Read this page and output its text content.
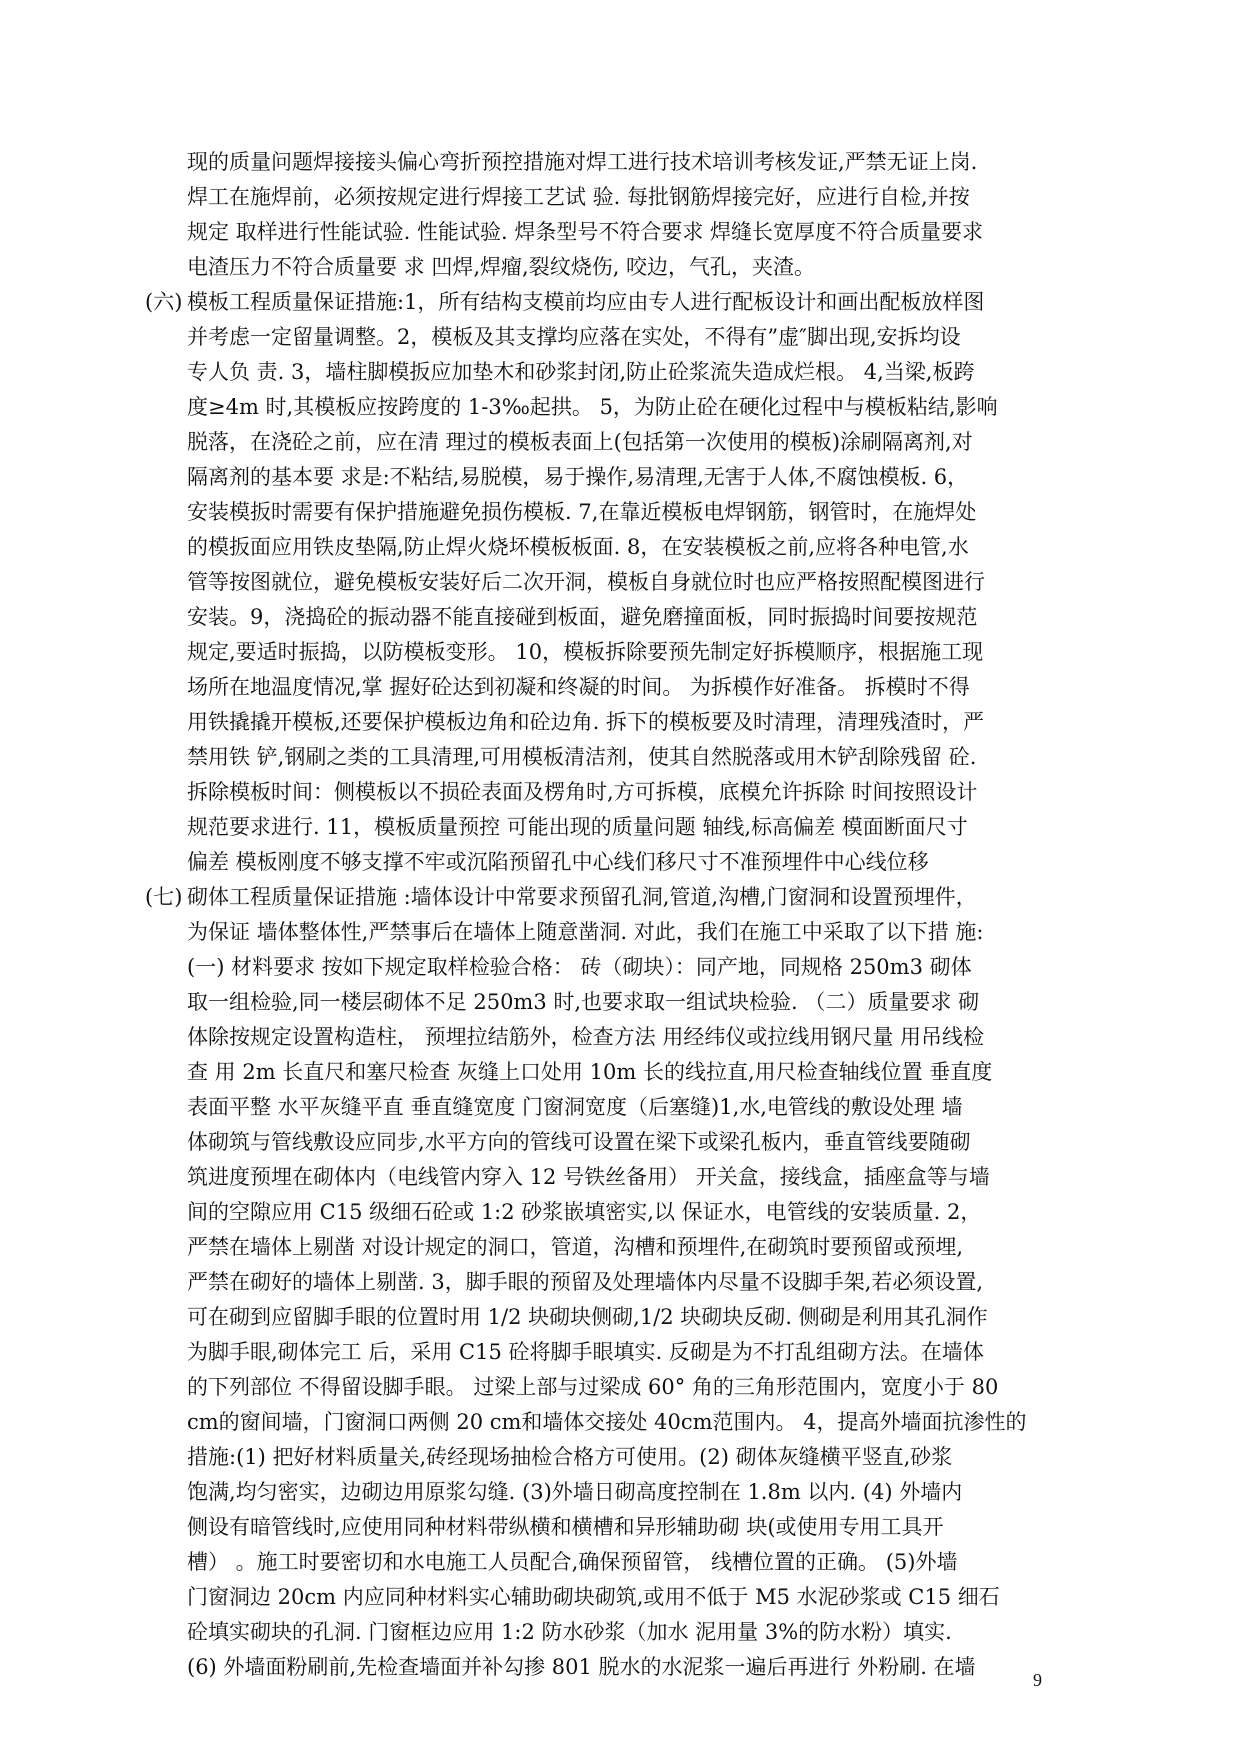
现的质量问题焊接接头偏心弯折预控措施对焊工进行技术培训考核发证,严禁无证上岗.
焊工在施焊前，必须按规定进行焊接工艺试 验. 每批钢筋焊接完好，应进行自检,并按
规定 取样进行性能试验. 性能试验. 焊条型号不符合要求 焊缝长宽厚度不符合质量要求
电渣压力不符合质量要 求 凹焊,焊瘤,裂纹烧伤, 咬边，气孔，夹渣。
(六) 模板工程质量保证措施:1，所有结构支模前均应由专人进行配板设计和画出配板放样图
并考虑一定留量调整。2，模板及其支撑均应落在实处，不得有”虚″脚出现,安拆均设
专人负 责. 3，墙柱脚模扳应加垫木和砂浆封闭,防止砼浆流失造成烂根。 4,当梁,板跨
度≥4m 时,其模板应按跨度的 1-3‰起拱。 5，为防止砼在硬化过程中与模板粘结,影响
脱落，在浇砼之前，应在清 理过的模板表面上(包括第一次使用的模板)涂刷隔离剂,对
隔离剂的基本要 求是:不粘结,易脱模，易于操作,易清理,无害于人体,不腐蚀模板. 6，
安装模扳时需要有保护措施避免损伤模板. 7,在靠近模板电焊钢筋，钢管时，在施焊处
的模扳面应用铁皮垫隔,防止焊火烧坏模板板面. 8，在安装模板之前,应将各种电管,水
管等按图就位，避免模板安装好后二次开洞，模板自身就位时也应严格按照配模图进行
安装。9，浇捣砼的振动器不能直接碰到板面，避免磨撞面板，同时振捣时间要按规范
规定,要适时振捣，以防模板变形。 10，模板拆除要预先制定好拆模顺序，根据施工现
场所在地温度情况,掌 握好砼达到初凝和终凝的时间。 为拆模作好准备。 拆模时不得
用铁撬撬开模板,还要保护模板边角和砼边角. 拆下的模板要及时清理，清理残渣时，严
禁用铁 铲,钢刷之类的工具清理,可用模板清洁剂，使其自然脱落或用木铲刮除残留 砼.
拆除模板时间：侧模板以不损砼表面及楞角时,方可拆模，底模允许拆除 时间按照设计
规范要求进行. 11，模板质量预控 可能出现的质量问题 轴线,标高偏差 模面断面尺寸
偏差 模板刚度不够支撑不牢或沉陷预留孔中心线们移尺寸不准预埋件中心线位移
(七) 砌体工程质量保证措施 :墙体设计中常要求预留孔洞,管道,沟槽,门窗洞和设置预埋件，
为保证 墙体整体性,严禁事后在墙体上随意凿洞. 对此，我们在施工中采取了以下措 施:
(一) 材料要求 按如下规定取样检验合格： 砖（砌块）：同产地，同规格 250m3 砌体
取一组检验,同一楼层砌体不足 250m3 时,也要求取一组试块检验. （二）质量要求 砌
体除按规定设置构造柱， 预埋拉结筋外，检查方法 用经纬仪或拉线用钢尺量 用吊线检
查 用 2m 长直尺和塞尺检查 灰缝上口处用 10m 长的线拉直,用尺检查轴线位置 垂直度
表面平整 水平灰缝平直 垂直缝宽度 门窗洞宽度（后塞缝)1,水,电管线的敷设处理 墙
体砌筑与管线敷设应同步,水平方向的管线可设置在梁下或梁孔板内，垂直管线要随砌
筑进度预埋在砌体内（电线管内穿入 12 号铁丝备用） 开关盒，接线盒，插座盒等与墙
间的空隙应用 C15 级细石砼或 1:2 砂浆嵌填密实,以 保证水，电管线的安装质量. 2，
严禁在墙体上剔凿 对设计规定的洞口，管道，沟槽和预埋件,在砌筑时要预留或预埋,
严禁在砌好的墙体上剔凿. 3，脚手眼的预留及处理墙体内尽量不设脚手架,若必须设置,
可在砌到应留脚手眼的位置时用 1/2 块砌块侧砌,1/2 块砌块反砌. 侧砌是利用其孔洞作
为脚手眼,砌体完工 后，采用 C15 砼将脚手眼填实. 反砌是为不打乱组砌方法。在墙体
的下列部位 不得留设脚手眼。 过梁上部与过梁成 60° 角的三角形范围内，宽度小于 80
cm的窗间墙，门窗洞口两侧 20 cm和墙体交接处 40cm范围内。 4，提高外墙面抗渗性的
措施:(1) 把好材料质量关,砖经现场抽检合格方可使用。(2) 砌体灰缝横平竖直,砂浆
饱满,均匀密实，边砌边用原浆勾缝. (3)外墙日砌高度控制在 1.8m 以内. (4) 外墙内
侧设有暗管线时,应使用同种材料带纵横和横槽和异形辅助砌 块(或使用专用工具开
槽） 。施工时要密切和水电施工人员配合,确保预留管， 线槽位置的正确。 (5)外墙
门窗洞边 20cm 内应同种材料实心辅助砌块砌筑,或用不低于 M5 水泥砂浆或 C15 细石
砼填实砌块的孔洞. 门窗框边应用 1:2 防水砂浆（加水 泥用量 3%的防水粉）填实.
(6) 外墙面粉刷前,先检查墙面并补勾掺 801 脱水的水泥浆一遍后再进行 外粉刷. 在墙
9
